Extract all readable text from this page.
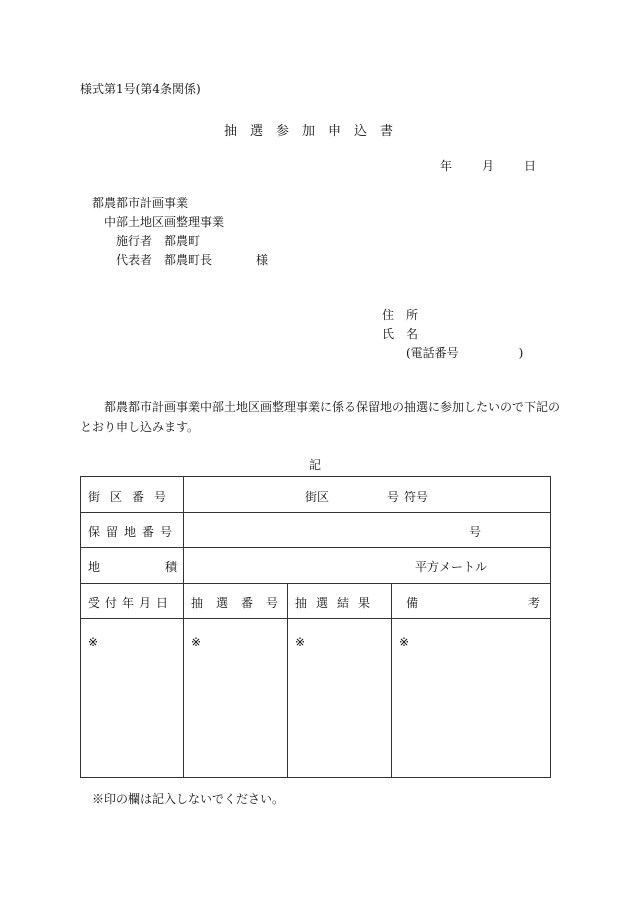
様式第1号(第4条関係)
抽選参加申込書
年	月	日
都農都市計画事業
中部土地区画整理事業
施行者　都農町
代表者　都農町長	様
住　所
氏　名
(電話番号　　　　　)
都農都市計画事業中部土地区画整理事業に係る保留地の抽選に参加したいので下記の
とおり申し込みます。
記
街区番号	街区	号 符号
保留地番号	号
地	積	平方メートル
受付年月日 抽選番号 抽選結果 備	考
※	※	※	※
※印の欄は記入しないでください。
